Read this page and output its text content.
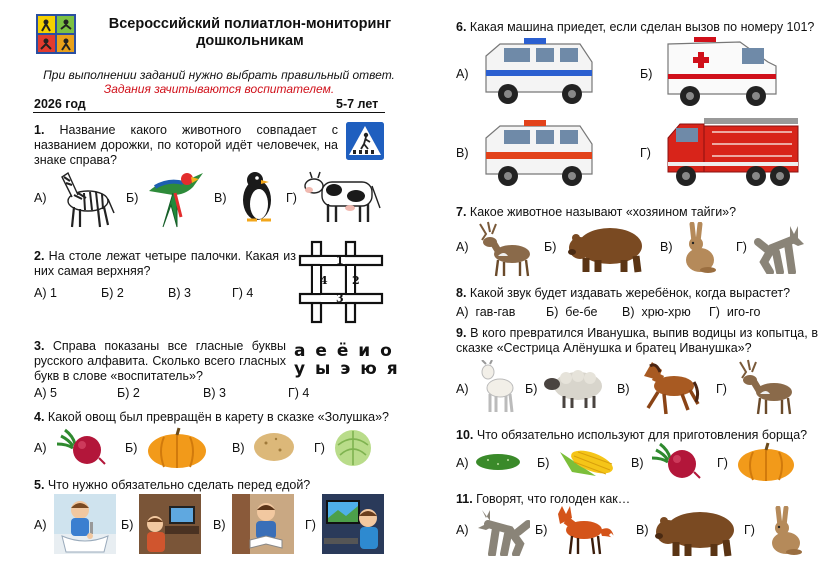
Всероссийский полиатлон-мониторинг
дошкольникам
При выполнении заданий нужно выбрать правильный ответ.
Задания зачитываются воспитателем.
2026 год	5-7 лет
1. Название какого животного совпадает с названием дорожки, по которой идёт человечек, на знаке справа?
А)	Б)	В)	Г)
2. На столе лежат четыре палочки. Какая из них самая верхняя?
А) 1	Б) 2	В) 3	Г) 4
1
2
3
4
3. Справа показаны все гласные буквы русского алфавита. Сколько всего гласных букв в слове «воспитатель»?
а е ё и о
у ы э ю я
А) 5	Б) 2	В) 3	Г) 4
4. Какой овощ был превращён в карету в сказке «Золушка»?
А)	Б)	В)	Г)
5. Что нужно обязательно сделать перед едой?
А)	Б)	В)	Г)
6. Какая машина приедет, если сделан вызов по номеру 101?
А)	Б)
В)	Г)
7. Какое животное называют «хозяином тайги»?
А)	Б)	В)	Г)
8. Какой звук будет издавать жеребёнок, когда вырастет?
А)  гав-гав Б)  бе-бе В)  хрю-хрю Г)  иго-го
9. В кого превратился Иванушка, выпив водицы из копытца, в сказке «Сестрица Алёнушка и братец Иванушка»?
А)	Б)	В)	Г)
10. Что обязательно используют для приготовления борща?
А)	Б)	В)	Г)
11. Говорят, что голоден как…
А)	Б)	В)	Г)
